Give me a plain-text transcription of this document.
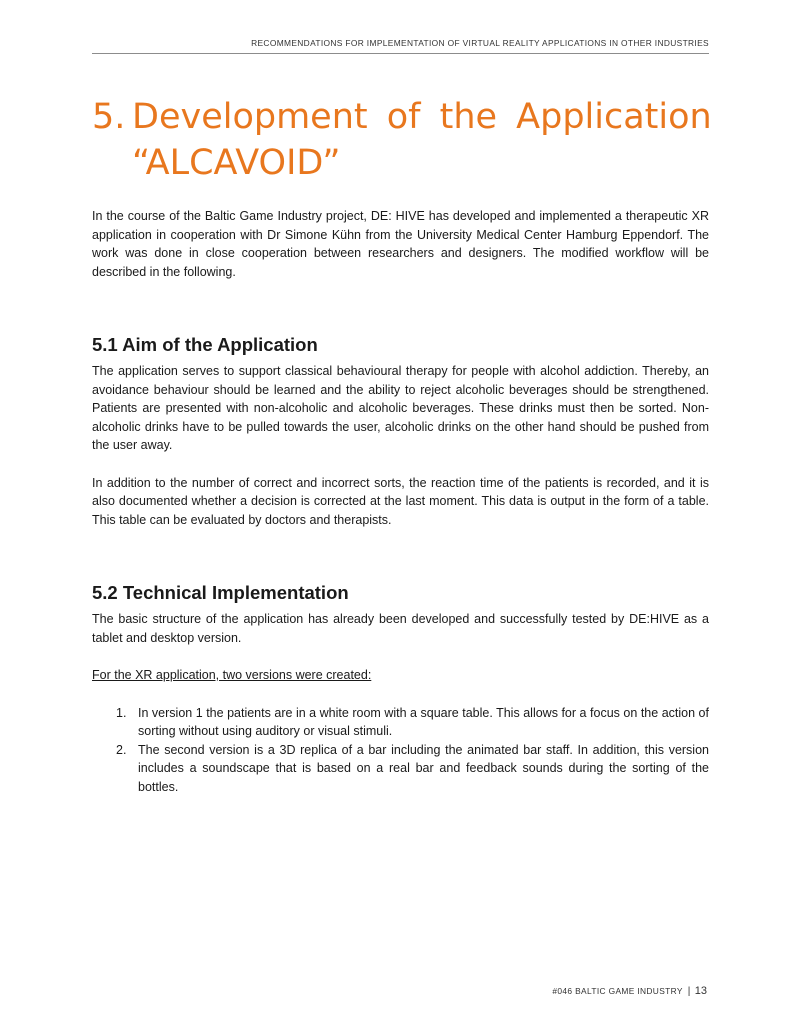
RECOMMENDATIONS FOR IMPLEMENTATION OF VIRTUAL REALITY APPLICATIONS IN OTHER INDUSTRIES
5. Development of the Application
“ALCAVOID”

In the course of the Baltic Game Industry project, DE: HIVE has developed and implemented a therapeutic XR application in cooperation with Dr Simone Kühn from the University Medical Center Hamburg Eppendorf. The work was done in close cooperation between researchers and designers. The modified workflow will be described in the following.

5.1 Aim of the Application

The application serves to support classical behavioural therapy for people with alcohol addiction. Thereby, an avoidance behaviour should be learned and the ability to reject alcoholic beverages should be strengthened. Patients are presented with non-alcoholic and alcoholic beverages. These drinks must then be sorted. Non-alcoholic drinks have to be pulled towards the user, alcoholic drinks on the other hand should be pushed from the user away.

In addition to the number of correct and incorrect sorts, the reaction time of the patients is recorded, and it is also documented whether a decision is corrected at the last moment. This data is output in the form of a table. This table can be evaluated by doctors and therapists.

5.2 Technical Implementation

The basic structure of the application has already been developed and successfully tested by DE:HIVE as a tablet and desktop version.

For the XR application, two versions were created:

1. In version 1 the patients are in a white room with a square table. This allows for a focus on the action of sorting without using auditory or visual stimuli.
2. The second version is a 3D replica of a bar including the animated bar staff. In addition, this version includes a soundscape that is based on a real bar and feedback sounds during the sorting of the bottles.
#046 BALTIC GAME INDUSTRY | 13
